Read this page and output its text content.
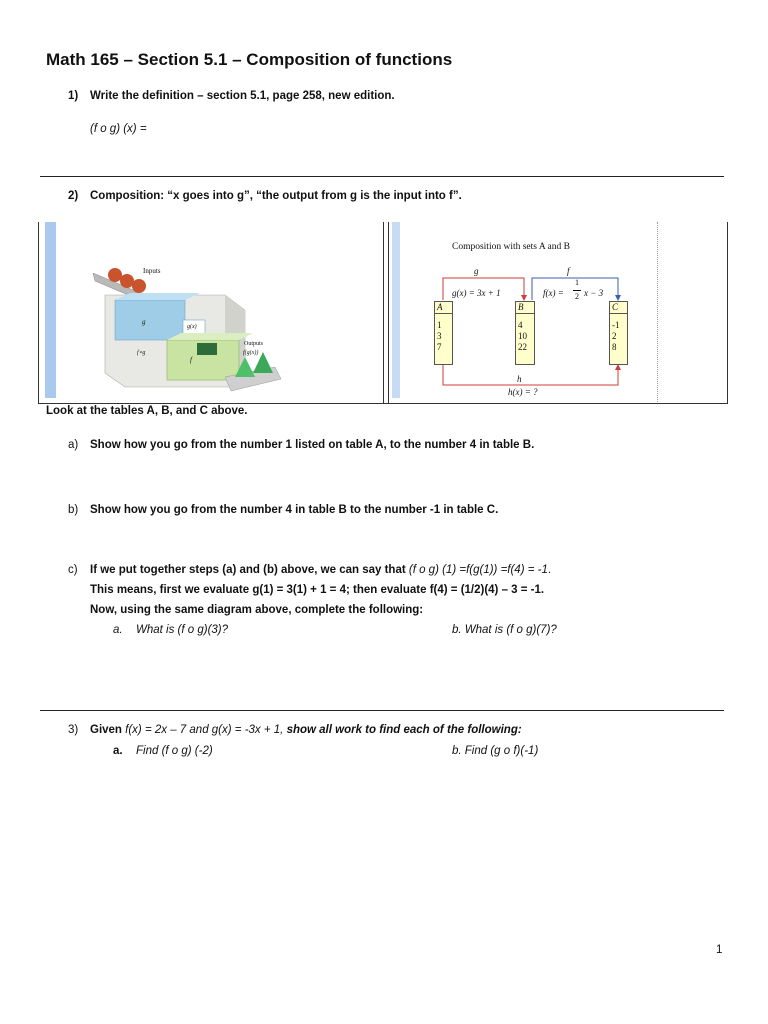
Math 165 – Section 5.1 – Composition of functions
1) Write the definition – section 5.1, page 258, new edition.
(f o g) (x) =
2) Composition: “x goes into g”, “the output from g is the input into f”.
Inputs
g
g(x)
f∘g
f
Outputs
f(g(x))
Composition with sets A and B
g	f
g(x) = 3x + 1	f(x) =
1
2 x − 3
h
h(x) = ?
A
1
3
7
B
4
10
22
C
-1
2
8
Look at the tables A, B, and C above.
a) Show how you go from the number 1 listed on table A, to the number 4 in table B.
b) Show how you go from the number 4 in table B to the number -1 in table C.
c) If we put together steps (a) and (b) above, we can say that (f o g) (1) =f(g(1)) =f(4) = -1.
This means, first we evaluate g(1) = 3(1) + 1 = 4; then evaluate f(4) = (1/2)(4) – 3 = -1.
Now, using the same diagram above, complete the following:
a. What is (f o g)(3)?	b. What is (f o g)(7)?
3) Given f(x) = 2x – 7 and g(x) = -3x + 1, show all work to find each of the following:
a. Find (f o g) (-2)	b. Find (g o f)(-1)
1
